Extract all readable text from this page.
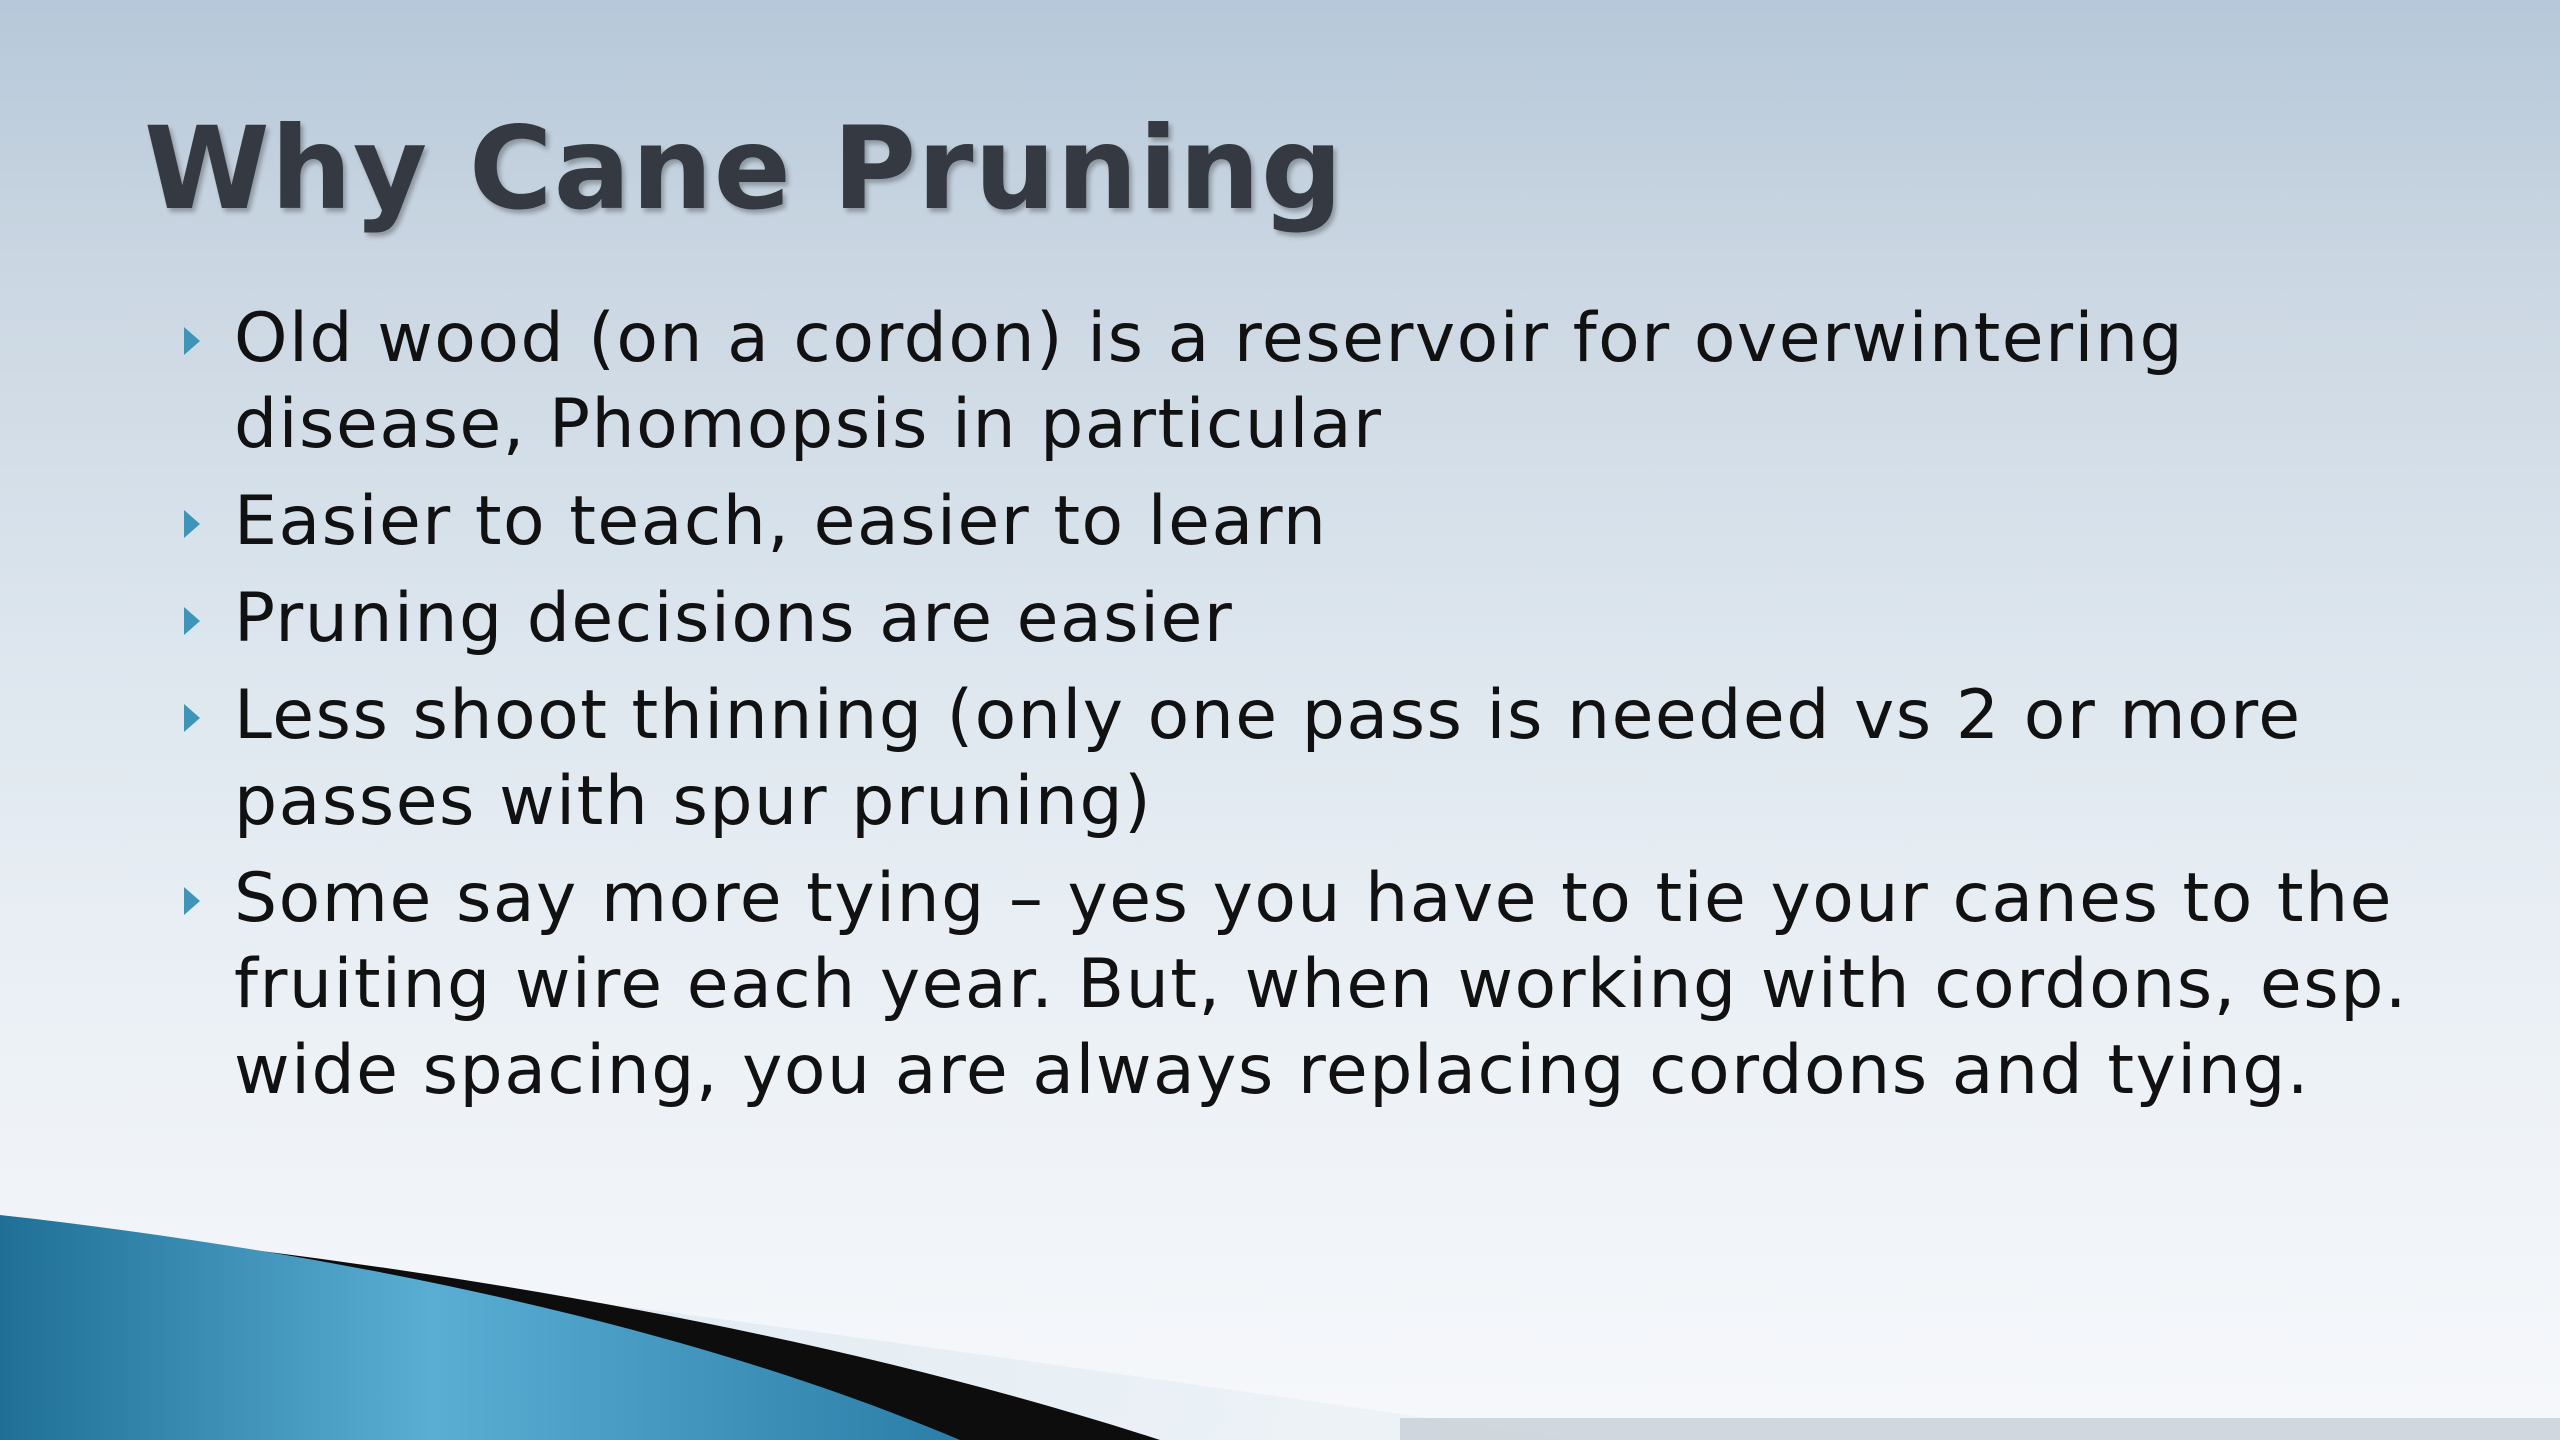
Why Cane Pruning
Old wood (on a cordon) is a reservoir for overwintering disease, Phomopsis in particular
Easier to teach, easier to learn
Pruning decisions are easier
Less shoot thinning (only one pass is needed vs 2 or more passes with spur pruning)
Some say more tying – yes you have to tie your canes to the fruiting wire each year. But, when working with cordons, esp. wide spacing, you are always replacing cordons and tying.
